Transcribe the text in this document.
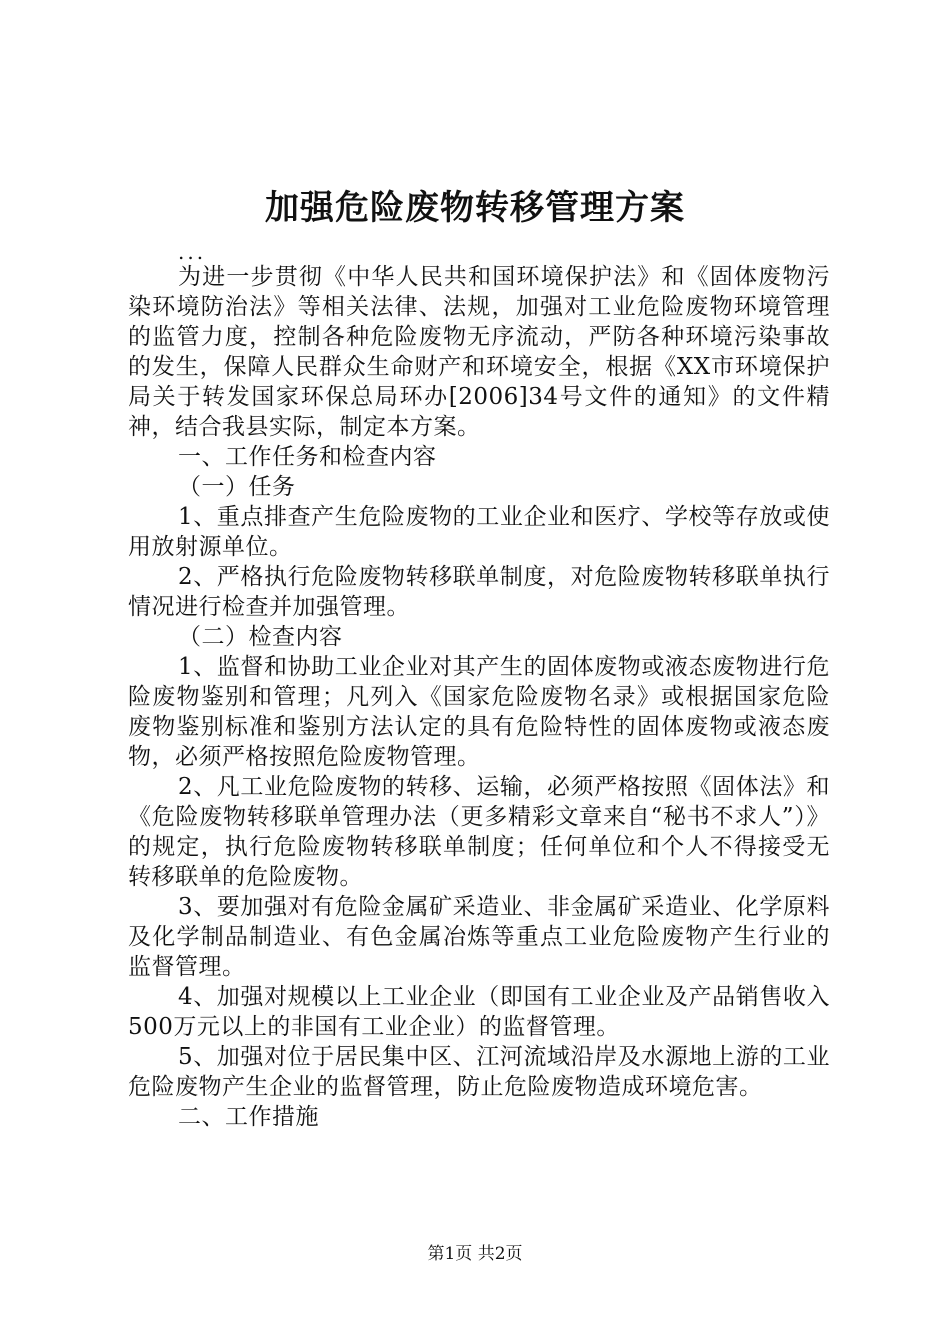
加强危险废物转移管理方案
...

为进一步贯彻《中华人民共和国环境保护法》和《固体废物污染环境防治法》等相关法律、法规，加强对工业危险废物环境管理的监管力度，控制各种危险废物无序流动，严防各种环境污染事故的发生，保障人民群众生命财产和环境安全，根据《XX市环境保护局关于转发国家环保总局环办[2006]34号文件的通知》的文件精神，结合我县实际，制定本方案。

一、工作任务和检查内容

（一）任务

1、重点排查产生危险废物的工业企业和医疗、学校等存放或使用放射源单位。

2、严格执行危险废物转移联单制度，对危险废物转移联单执行情况进行检查并加强管理。

（二）检查内容

1、监督和协助工业企业对其产生的固体废物或液态废物进行危险废物鉴别和管理；凡列入《国家危险废物名录》或根据国家危险废物鉴别标准和鉴别方法认定的具有危险特性的固体废物或液态废物，必须严格按照危险废物管理。

2、凡工业危险废物的转移、运输，必须严格按照《固体法》和《危险废物转移联单管理办法（更多精彩文章来自“秘书不求人”）》的规定，执行危险废物转移联单制度；任何单位和个人不得接受无转移联单的危险废物。

3、要加强对有危险金属矿采造业、非金属矿采造业、化学原料及化学制品制造业、有色金属冶炼等重点工业危险废物产生行业的监督管理。

4、加强对规模以上工业企业（即国有工业企业及产品销售收入500万元以上的非国有工业企业）的监督管理。

5、加强对位于居民集中区、江河流域沿岸及水源地上游的工业危险废物产生企业的监督管理，防止危险废物造成环境危害。

二、工作措施

第1页 共2页
